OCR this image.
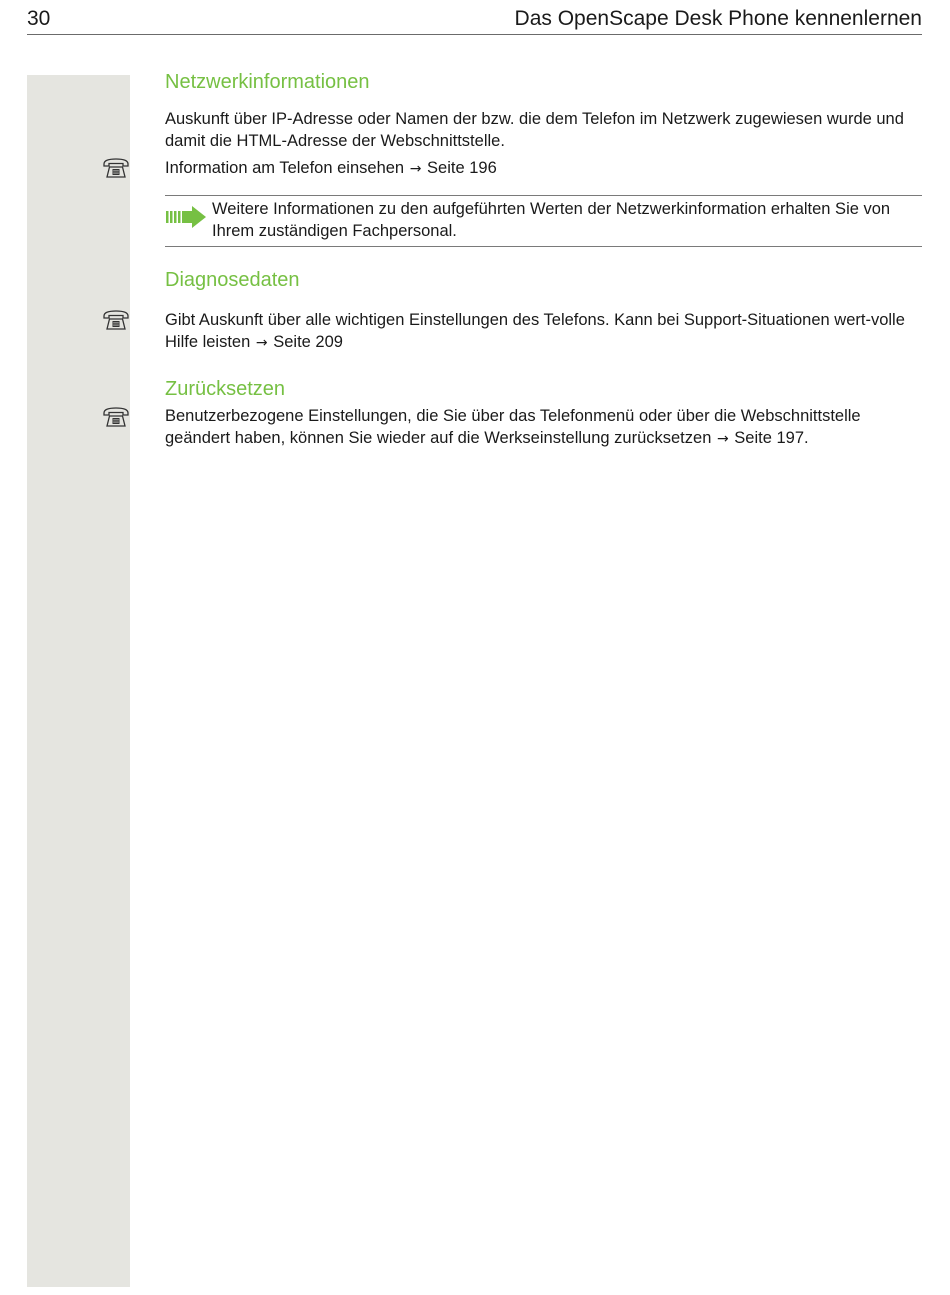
30	Das OpenScape Desk Phone kennenlernen
Netzwerkinformationen

Auskunft über IP-Adresse oder Namen der bzw. die dem Telefon im Netzwerk zugewiesen wurde und damit die HTML-Adresse der Webschnittstelle.

Information am Telefon einsehen → Seite 196

Weitere Informationen zu den aufgeführten Werten der Netzwerkinformation erhalten Sie von Ihrem zuständigen Fachpersonal.

Diagnosedaten

Gibt Auskunft über alle wichtigen Einstellungen des Telefons. Kann bei Support-Situationen wert-volle Hilfe leisten → Seite 209

Zurücksetzen

Benutzerbezogene Einstellungen, die Sie über das Telefonmenü oder über die Webschnittstelle geändert haben, können Sie wieder auf die Werkseinstellung zurücksetzen → Seite 197.
